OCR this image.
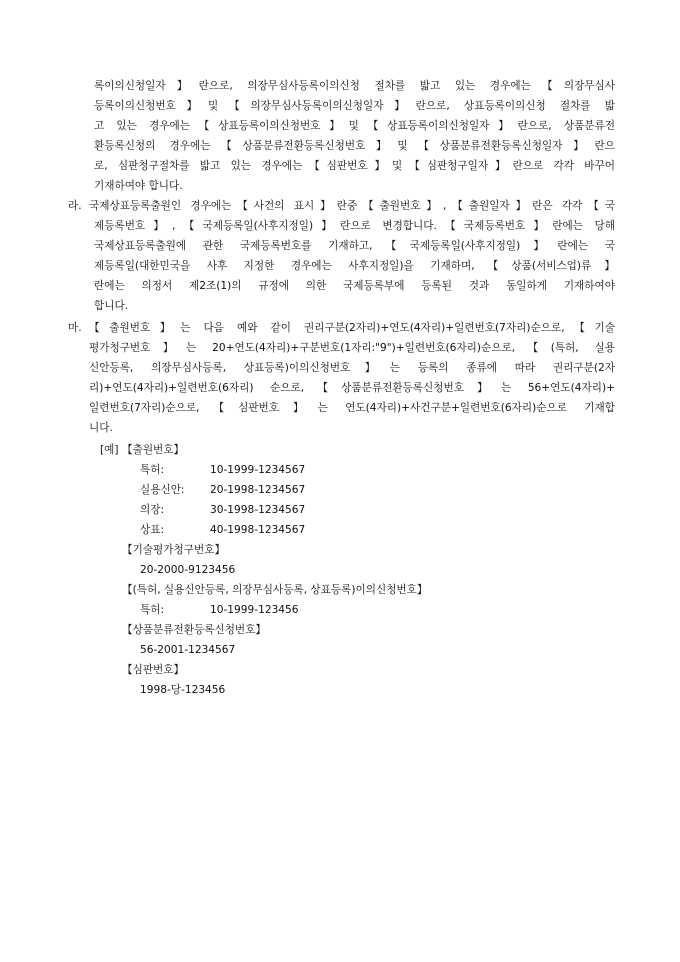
록이의신청일자】란으로, 의장무심사등록이의신청 절차를 밟고 있는 경우에는【의장무심사
등록이의신청번호】및【의장무심사등록이의신청일자】란으로, 상표등록이의신청 절차를 밟
고 있는 경우에는【상표등록이의신청번호】및【상표등록이의신청일자】란으로, 상품분류전
환등록신청의 경우에는【상품분류전환등록신청번호】및【상품분류전환등록신청일자】란으
로, 심판청구절차를 밟고 있는 경우에는【심판번호】및【심판청구일자】란으로 각각 바꾸어
기재하여야 합니다.
라. 국제상표등록출원인 경우에는【사건의 표시】란중【출원번호】,【출원일자】란은 각각【국
제등록번호】,【국제등록일(사후지정일)】란으로 변경합니다.【국제등록번호】란에는 당해
국제상표등록출원에 관한 국제등록번호를 기재하고,【국제등록일(사후지정일)】란에는 국
제등록일(대한민국을 사후 지정한 경우에는 사후지정일)을 기재하며,【상품(서비스업)류】
란에는 의정서 제2조(1)의 규정에 의한 국제등록부에 등록된 것과 동일하게 기재하여야
합니다.
마. 【출원번호】는 다음 예와 같이 권리구분(2자리)+연도(4자리)+일련번호(7자리)순으로,【기술
평가청구번호】는 20+연도(4자리)+구분번호(1자리:"9")+일련번호(6자리)순으로,【(특허, 실용
신안등록, 의장무심사등록, 상표등록)이의신청번호】는 등록의 종류에 따라 권리구분(2자
리)+연도(4자리)+일련번호(6자리) 순으로,【상품분류전환등록신청번호】는 56+연도(4자리)+
일련번호(7자리)순으로,【심판번호】는 연도(4자리)+사건구분+일련번호(6자리)순으로 기재합
니다.
[예] 【출원번호】
특허:	10-1999-1234567
실용신안: 20-1998-1234567
의장:	30-1998-1234567
상표:	40-1998-1234567
【기술평가청구번호】
20-2000-9123456
【(특허, 실용신안등록, 의장무심사등록, 상표등록)이의신청번호】
특허:	10-1999-123456
【상품분류전환등록신청번호】
56-2001-1234567
【심판번호】
1998-당-123456
